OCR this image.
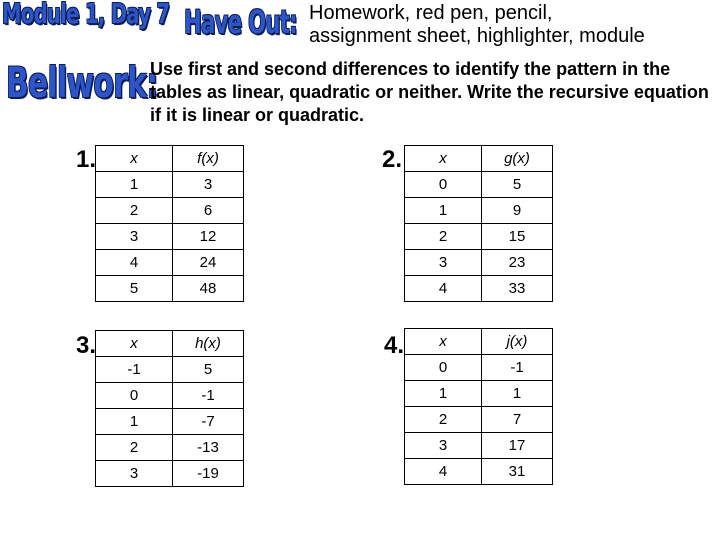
Module 1, Day 7 Have Out:
Bellwork:
Homework, red pen, pencil,
assignment sheet, highlighter, module
Use first and second differences to identify the pattern in the tables as linear, quadratic or neither. Write the recursive equation if it is linear or quadratic.
1. x	f(x)
1	3
2	6
3	12
4	24
5	48
2. x	g(x)
0	5
1	9
2	15
3	23
4	33
3. x	h(x)
-1	5
0	-1
1	-7
2	-13
3	-19
4. x	j(x)
0	-1
1	1
2	7
3	17
4	31
